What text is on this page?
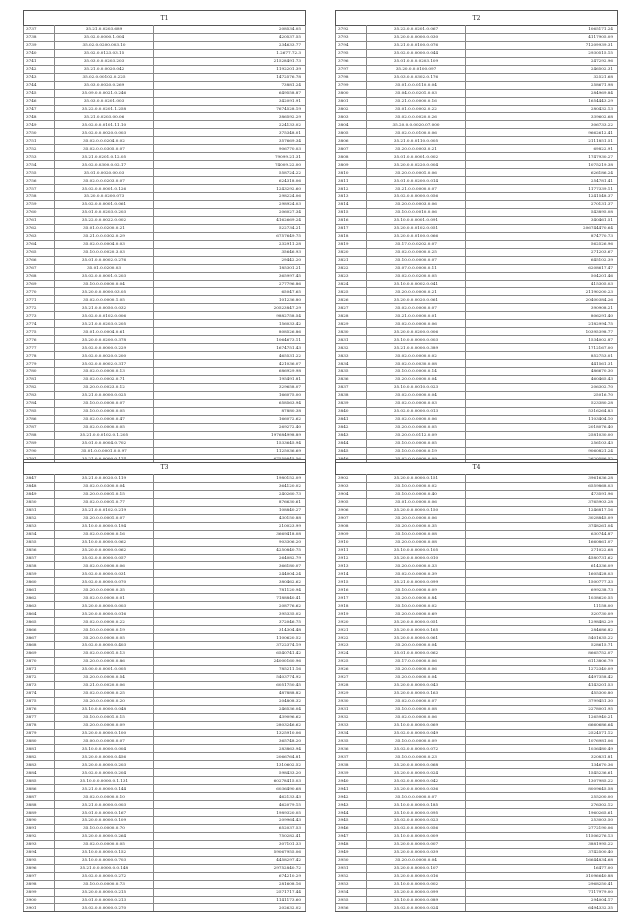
T1
3737	35.21.0.0203.689	208534.05
3738	35.02.0.0000.1.004	420537.55
3739	35.02.0.0200.003.10	234633.77
3740	35.02.0.0123.03.15	1.2677.72.3
3741	35.03.0.0.0203.203	21528491.73
3742	35.21.0.0.0020.042	1192201.39
3743	35.02.0.00102.0.225	1472576.78
3744	35.03.0.0020.0.269	73881.24
3745	35.09.0.0.0021.0.246	649558.87
3746	35.03.0.0.0201.003	342091.91
3747	35.22.0.0.0201.1.258	7674528.19
3748	35.21.0.0203.00.06	386592.29
3749	35.02.0.0.0101.11.10	224133.02
3750	35.02.0.0.0020.0.003	375348.01
3751	35.02.0.0.0204.0.02	357669.34
3752	35.02.0.0.0305.0.07	906770.03
3753	35.21.0.0201.0.12.05	79099.21.31
3754	35.02.0.0300.0.02.17	74009.22.00
3755	35.01.0.0020.00.03	558724.22
3756	35.02.0.0.0203.0.07	624318.06
3757	35.02.0.0.0001.0.126	1243292.60
3758	35.20.0.0.0200.073	298224.06
3759	35.02.0.0.0001.0.061	298924.03
3760	35.01.0.0.0203.0.203	206027.34
3761	35.22.0.0.0022.0.002	4162669.24
3762	35.01.0.0.0200.0.21	522734.21
3763	35.21.0.0.0302.0.29	6757649.75
3764	35.02.0.0.0004.0.03	232911.28
3765	35.10.0.0.0020.3.03	35646.93
3766	35.01.0.0.0002.0.276	29442.20
3767	35.01.0.0200.03	185301.21
3768	35.02.0.0.0001.0.203	365997.45
3769	35.10.0.0.0000.0.04	277796.86
3770	35.20.0.0.0000.03.05	65047.65
3771	35.02.0.0.0000.1.05	101236.80
3772	35.21.0.0.0050.0.032	20523847.29
3773	35.02.0.0.0102.0.006	9882758.54
3774	35.21.0.0.0203.0.205	156033.42
3775	35.01.0.0.0004.0.61	808526.86
3776	35.20.0.0.0200.0.378	1064673.11
3777	35.02.0.0.0000.0.229	1674751.43
3778	35.02.0.0.0020.0.200	465531.22
3779	35.02.0.0.0002.0.317	421036.07
3780	35.02.0.0.0000.0.13	686929.98
3781	35.02.0.0.0002.0.71	195491.81
3782	35.20.0.0.0023.0.12	329658.07
3783	35.21.0.0.0000.0.025	166075.00
3784	35.10.0.0.0000.0.07	658563.94
3785	35.10.0.0.0000.0.05	87880.38
3786	35.02.0.0.0000.0.47	166072.62
3787	35.02.0.0.0000.0.05	269272.40
3788	35.21.0.0.0102.0.1.205	197684998.89
3789	35.01.0.0.0004.0.702	1533645.94
3790	35.01.0.0.0001.0.0.97	1125036.69
3791	35.21.0.0.0000.0.174	67559845.56
T2
3792	35.22.0.0.0201.0.067	1065171.24
3793	35.20.0.0.0000.0.030	4117905.09
3794	35.21.0.0.0100.0.076	71209939.31
3795	35.02.0.0.0000.0.044	2930515.15
3796	35.01.0.0.0.0203.109	247292.96
3797	35.20.0.0.0100.097	246502.31
3798	35.03.0.0.0302.0.176	32521.68
3799	35.01.0.0.0110.0.04	258671.98
3800	35.04.0.0.0201.0.03	284969.84
3801	35.21.0.0.0000.0.16	1654443.29
3802	35.01.0.0.0002.0.22	280432.13
3803	35.02.0.0.0020.0.26	339602.68
3804	35.20.0.0.0020.07.000	306733.22
3805	35.02.0.0.0100.0.06	9662612.41
3806	35.21.0.0.0110.0.005	2111851.51
3807	35.20.0.0.0003.0.21	69822.91
3808	35.01.0.0.0001.0.002	1747930.27
3809	35.20.0.0.0220.0.004	1075219.38
3810	35.20.0.0.0001.0.06	626186.24
3811	35.01.0.0.0200.0.014	254781.41
3812	35.21.0.0.0000.0.07	1177339.11
3813	35.02.0.0.0000.0.056	1241548.37
3814	35.20.0.0.0003.0.06	270131.37
3815	35.10.0.0.0010.0.06	543895.08
3816	35.10.0.0.0001.0.091	340461.51
3817	35.20.0.0.0102.0.051	206744470.64
3818	35.20.0.0.0100.0.066	874770.73
3819	35.17.0.0.0202.0.07	562526.96
3820	35.02.0.0.0000.0.25	271203.67
3821	35.10.0.0.0000.0.07	645102.39
3822	35.07.0.0.0000.0.11	6208617.47
3823	35.02.0.0.0200.0.05	504201.46
3824	35.10.0.0.0002.0.041	415305.03
3825	35.20.0.0.0000.0.21	21190200.23
3826	35.20.0.0.0020.0.061	20400384.26
3827	35.02.0.0.0000.0.07	390908.21
3828	35.21.0.0.0000.0.01	806291.40
3829	35.02.0.0.0000.0.06	2182994.75
3830	35.20.0.0.0200.0.006	10395398.77
3831	35.10.0.0.0000.0.003	1534002.87
3832	35.21.0.0.0000.0.389	1712167.00
3833	35.02.0.0.0000.0.02	852753.01
3834	35.02.0.0.0030.0.08	441561.31
3835	35.10.0.0.0000.0.14	486670.30
3836	35.20.0.0.0000.0.04	460465.43
3837	35.10.0.0.0010.0.023	206302.70
3838	35.02.0.0.0000.0.04	25016.70
3839	35.02.0.0.0000.0.03	523380.28
3840	35.02.0.0.0000.0.013	5316264.83
3841	35.02.0.0.0000.0.06	1103404.10
3842	35.20.0.0.0000.0.05	2018076.40
3843	35.20.0.0.0112.0.09	2581030.00
3844	35.10.0.0.0000.0.05	256103.43
3845	35.10.0.0.0000.0.19	9060821.24
3846	35.02.0.0.0000.0.09	2620586.52
T3
3847	35.21.0.0.0020.0.119	1980152.09
3848	35.02.0.0.0300.0.04	364120.02
3849	35.20.0.0.0001.0.15	240260.73
3850	35.02.0.0.0001.0.77	876630.61
3851	35.21.0.0.0102.0.219	108840.27
3852	35.20.0.0.0001.0.07	430150.88
3853	35.10.0.0.0000.0.194	210023.99
3854	35.02.0.0.0000.0.16	3669418.08
3855	35.10.0.0.0000.0.062	903306.20
3856	35.20.0.0.0000.0.062	4250840.75
3857	35.02.0.0.0000.0.057	264082.79
3858	35.02.0.0.0000.0.06	366180.07
3859	35.02.0.0.0000.0.031	244004.24
3860	35.02.0.0.0000.0.070	380462.62
3861	35.20.0.0.0000.0.35	781120.94
3862	35.02.0.0.0000.0.01	7188840.41
3863	35.20.0.0.0000.0.003	208776.62
3864	35.20.0.0.0000.0.016	395335.02
3865	35.02.0.0.0000.0.22	372046.75
3866	35.10.0.0.0000.0.19	314304.48
3867	35.20.0.0.0000.0.05	1100620.52
3868	35.02.0.0.0000.0.403	3722374.19
3869	35.02.0.0.0001.0.13	6540741.42
3870	35.20.0.0.0000.0.86	24000160.96
3871	35.00.0.0.0001.0.005	785211.16
3872	35.20.0.0.0000.0.54	5403774.92
3873	35.21.0.0.0020.0.06	6051750.45
3874	35.02.0.0.0000.0.25	487888.82
3875	35.20.0.0.0000.0.20	204808.32
3876	35.10.0.0.0000.0.048	246536.04
3877	35.10.0.0.0001.0.15	439096.62
3878	35.20.0.0.0000.0.09	2803246.62
3879	35.20.0.0.0000.0.100	1325910.06
3880	35.00.0.0.0000.0.07	365748.20
3881	35.10.0.0.0000.0.004	283863.94
3882	35.20.0.0.0000.0.456	2066764.81
3883	35.20.0.0.0000.0.203	1310602.52
3884	35.02.0.0.0000.0.204	598433.20
3885	35.10.0.0.0000.0.1.131	60278415.03
3886	35.21.0.0.0000.0.144	6036490.68
3887	35.02.0.0.0000.0.10	462133.43
3888	35.21.0.0.0000.0.003	462079.15
3889	35.01.0.0.0000.0.167	1989320.05
3890	35.20.0.0.0000.0.109	209964.43
3891	35.10.0.0.0000.0.70	652037.53
3892	35.20.0.0.0000.0.264	750282.41
3893	35.02.0.0.0000.0.05	307101.33
3894	35.10.0.0.0000.0.152	59067955.06
3895	35.10.0.0.0000.0.703	4458297.42
3896	35.21.0.0.0000.0.0.148	29752840.72
3897	35.02.0.0.0000.0.272	674210.29
3898	35.10.0.0.0000.0.73	281608.16
3899	35.20.0.0.0000.0.215	2571717.44
3900	35.01.0.0.0000.0.213	1141173.60
3901	35.02.0.0.0000.0.270	202632.02
T4
3902	35.20.0.0.0000.0.151	3961636.28
3903	35.10.0.0.0000.0.02	6559868.03
3904	35.10.0.0.0000.0.40	473591.96
3905	35.01.0.0.0000.0.06	3765903.28
3906	35.20.0.0.0000.0.150	1246817.16
3907	35.20.0.0.0000.0.06	3028845.09
3908	35.20.0.0.0000.0.35	3748261.04
3909	35.10.0.0.0000.0.08	630744.87
3910	35.20.0.0.0000.0.08	1660861.07
3911	35.10.0.0.0000.0.105	271022.68
3912	35.20.0.0.0000.0.010	4580731.62
3913	35.20.0.0.0000.0.33	614336.09
3914	35.02.0.0.0000.0.39	1605428.03
3915	35.21.0.0.0000.0.099	1500777.33
3916	35.10.0.0.0000.0.09	699238.73
3917	35.20.0.0.0000.0.84	1038620.55
3918	35.10.0.0.0000.0.02	11158.00
3919	35.20.0.0.0000.0.69	320730.09
3920	35.20.0.0.0000.0.051	1298482.29
3921	35.20.0.0.0000.0.165	284686.82
3922	35.20.0.0.0000.0.061	5401635.22
3923	35.20.0.0.0000.0.04	528615.71
3924	35.01.0.0.0000.0.062	8665752.07
3925	35.17.0.0.0000.0.06	6113806.79
3926	35.20.0.0.0000.0.06	1272340.09
3927	35.20.0.0.0000.0.04	4497358.42
3928	35.20.0.0.0000.0.043	4143201.53
3929	35.20.0.0.0000.0.163	455300.80
3930	35.02.0.0.0000.0.07	3799451.30
3931	35.10.0.0.0000.0.08	2278001.95
3932	35.02.0.0.0000.0.06	1265940.21
3933	35.10.0.0.0000.0.069	6660686.64
3934	35.02.0.0.0000.0.049	2524571.12
3935	35.10.0.0.0000.0.09	1076981.06
3936	35.02.0.0.0000.0.072	1036480.49
3937	35.10.0.0.0000.0.23	320831.81
3938	35.20.0.0.0000.0.068	134670.36
3939	35.20.0.0.0000.0.024	1545236.61
3940	35.02.0.0.0000.0.042	1307985.22
3941	35.20.0.0.0000.0.036	8009645.58
3942	35.10.0.0.0000.0.07	255200.00
3943	35.10.0.0.0000.0.185	276302.12
3944	35.10.0.0.0000.0.095	1960265.61
3945	35.02.0.0.0000.0.023	253003.50
3946	35.02.0.0.0000.0.056	2772190.06
3947	35.10.0.0.0000.0.009	11506276.13
3948	35.20.0.0.0000.0.007	3881995.22
3949	35.20.0.0.0000.0.039	3742500.40
3950	35.20.0.0.0000.0.04	16644834.68
3951	35.20.0.0.0000.0.107	16477.00
3952	35.20.0.0.0000.0.016	31096640.88
3953	35.10.0.0.0000.0.002	2968250.41
3954	35.20.0.0.0000.0.099	7117979.00
3955	35.10.0.0.0000.0.089	294004.17
3956	35.02.0.0.0000.0.024	6494332.35
